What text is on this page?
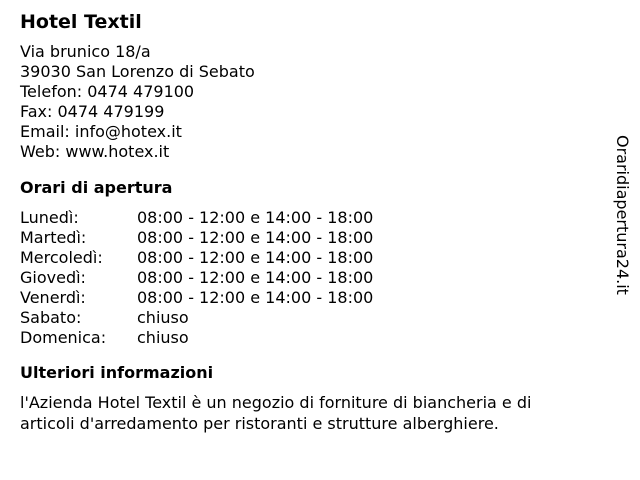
Hotel Textil
Via brunico 18/a
39030 San Lorenzo di Sebato
Telefon: 0474 479100
Fax: 0474 479199
Email: info@hotex.it
Web: www.hotex.it
Orari di apertura
Lunedì:	08:00 - 12:00 e 14:00 - 18:00
Martedì:	08:00 - 12:00 e 14:00 - 18:00
Mercoledì:	08:00 - 12:00 e 14:00 - 18:00
Giovedì:	08:00 - 12:00 e 14:00 - 18:00
Venerdì:	08:00 - 12:00 e 14:00 - 18:00
Sabato:	chiuso
Domenica:	chiuso
Ulteriori informazioni

l'Azienda Hotel Textil è un negozio di forniture di biancheria e di articoli d'arredamento per ristoranti e strutture alberghiere.

Oraridiapertura24.it
